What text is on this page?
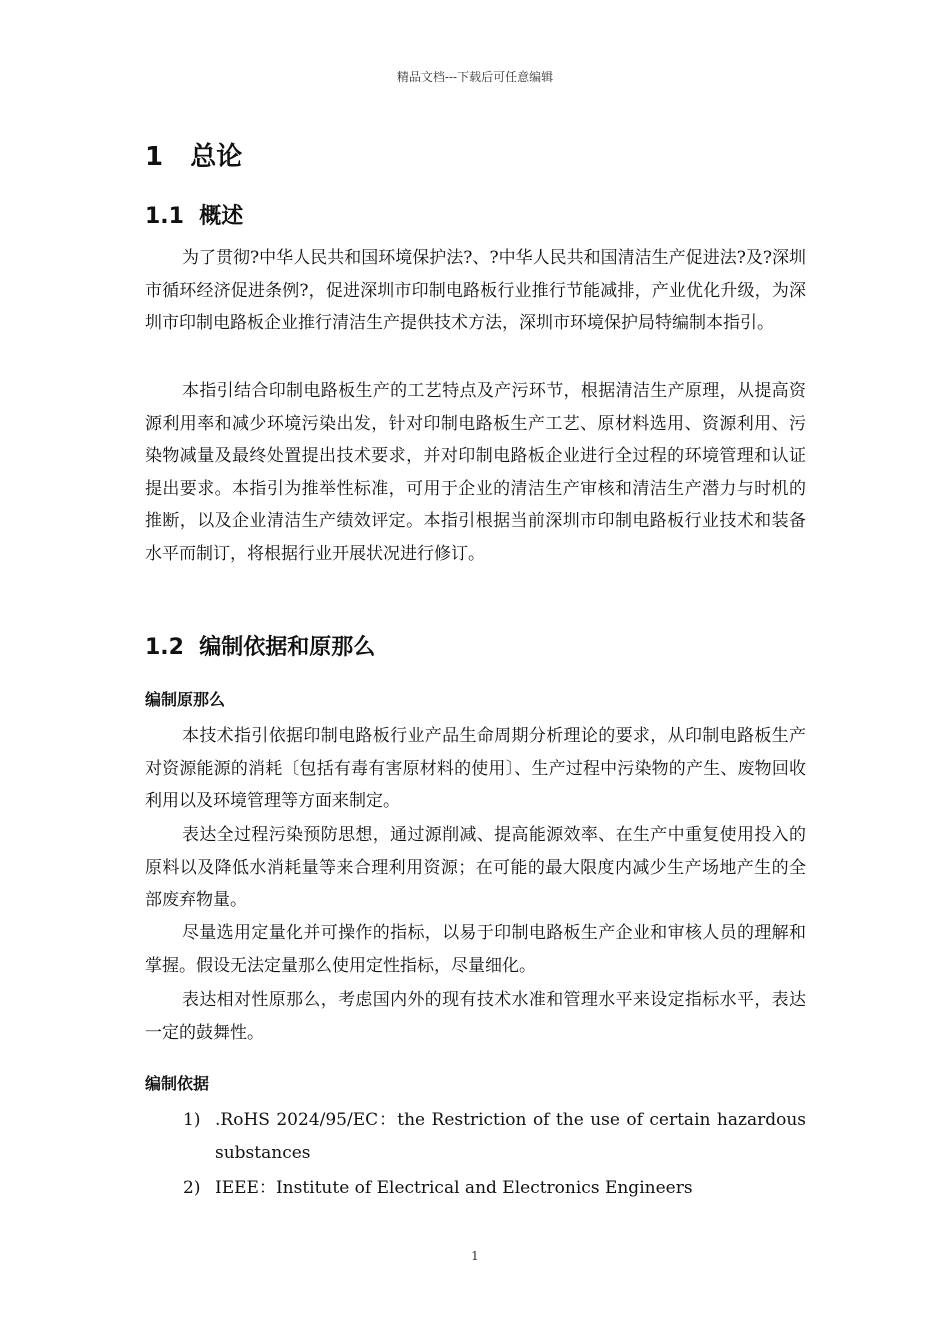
精品文档---下载后可任意编辑
1   总论
1.1  概述

为了贯彻?中华人民共和国环境保护法?、?中华人民共和国清洁生产促进法?及?深圳市循环经济促进条例?，促进深圳市印制电路板行业推行节能减排，产业优化升级，为深圳市印制电路板企业推行清洁生产提供技术方法，深圳市环境保护局特编制本指引。

本指引结合印制电路板生产的工艺特点及产污环节，根据清洁生产原理，从提高资源利用率和减少环境污染出发，针对印制电路板生产工艺、原材料选用、资源利用、污染物减量及最终处置提出技术要求，并对印制电路板企业进行全过程的环境管理和认证提出要求。本指引为推举性标准，可用于企业的清洁生产审核和清洁生产潜力与时机的推断，以及企业清洁生产绩效评定。本指引根据当前深圳市印制电路板行业技术和装备水平而制订，将根据行业开展状况进行修订。

1.2  编制依据和原那么
编制原那么

本技术指引依据印制电路板行业产品生命周期分析理论的要求，从印制电路板生产对资源能源的消耗〔包括有毒有害原材料的使用〕、生产过程中污染物的产生、废物回收利用以及环境管理等方面来制定。

表达全过程污染预防思想，通过源削减、提高能源效率、在生产中重复使用投入的原料以及降低水消耗量等来合理利用资源；在可能的最大限度内减少生产场地产生的全部废弃物量。

尽量选用定量化并可操作的指标，以易于印制电路板生产企业和审核人员的理解和掌握。假设无法定量那么使用定性指标，尽量细化。

表达相对性原那么，考虑国内外的现有技术水准和管理水平来设定指标水平，表达一定的鼓舞性。

编制依据
1) .RoHS 2024/95/EC：the Restriction of the use of certain hazardous substances
2) IEEE：Institute of Electrical and Electronics Engineers
1
